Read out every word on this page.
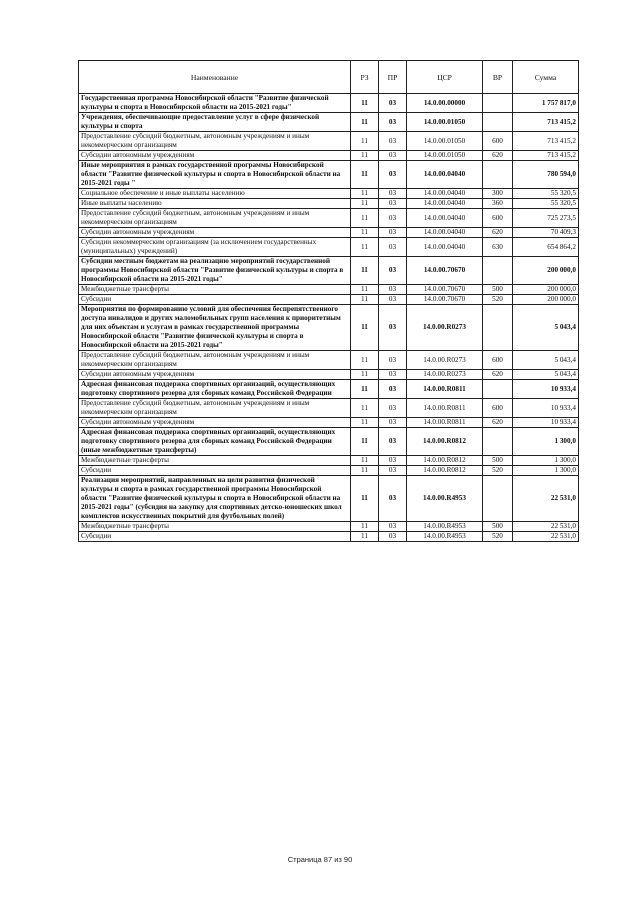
Наименование	РЗ	ПР	ЦСР	ВР	Сумма
Государственная программа Новосибирской области "Развитие физической культуры и спорта в Новосибирской области на 2015-2021 годы"	11	03	14.0.00.00000		1 757 817,0
Учреждения, обеспечивающие предоставление услуг в сфере физической культуры и спорта	11	03	14.0.00.01050		713 415,2
Предоставление субсидий бюджетным, автономным учреждениям и иным некоммерческим организациям	11	03	14.0.00.01050	600	713 415,2
Субсидии автономным учреждениям	11	03	14.0.00.01050	620	713 415,2
Иные мероприятия в рамках государственной программы Новосибирской области "Развитие физической культуры и спорта в Новосибирской области на 2015-2021 годы "	11	03	14.0.00.04040		780 594,0
Социальное обеспечение и иные выплаты населению	11	03	14.0.00.04040	300	55 320,5
Иные выплаты населению	11	03	14.0.00.04040	360	55 320,5
Предоставление субсидий бюджетным, автономным учреждениям и иным некоммерческим организациям	11	03	14.0.00.04040	600	725 273,5
Субсидии автономным учреждениям	11	03	14.0.00.04040	620	70 409,3
Субсидии некоммерческим организациям (за исключением государственных (муниципальных) учреждений)	11	03	14.0.00.04040	630	654 864,2
Субсидии местным бюджетам на реализацию мероприятий государственной программы Новосибирской области "Развитие физической культуры и спорта в Новосибирской области на 2015-2021 годы"	11	03	14.0.00.70670		200 000,0
Межбюджетные трансферты	11	03	14.0.00.70670	500	200 000,0
Субсидии	11	03	14.0.00.70670	520	200 000,0
Мероприятия по формированию условий для обеспечения беспрепятственного доступа инвалидов и других маломобильных групп населения к приоритетным для них объектам и услугам в рамках государственной программы Новосибирской области "Развитие физической культуры и спорта в Новосибирской области на 2015-2021 годы"	11	03	14.0.00.R0273		5 043,4
Предоставление субсидий бюджетным, автономным учреждениям и иным некоммерческим организациям	11	03	14.0.00.R0273	600	5 043,4
Субсидии автономным учреждениям	11	03	14.0.00.R0273	620	5 043,4
Адресная финансовая поддержка спортивных организаций, осуществляющих подготовку спортивного резерва для сборных команд Российской Федерации	11	03	14.0.00.R0811		10 933,4
Предоставление субсидий бюджетным, автономным учреждениям и иным некоммерческим организациям	11	03	14.0.00.R0811	600	10 933,4
Субсидии автономным учреждениям	11	03	14.0.00.R0811	620	10 933,4
Адресная финансовая поддержка спортивных организаций, осуществляющих подготовку спортивного резерва для сборных команд Российской Федерации (иные межбюджетные трансферты)	11	03	14.0.00.R0812		1 300,0
Межбюджетные трансферты	11	03	14.0.00.R0812	500	1 300,0
Субсидии	11	03	14.0.00.R0812	520	1 300,0
Реализация мероприятий, направленных на цели развития физической культуры и спорта в рамках государственной программы Новосибирской области "Развитие физической культуры и спорта в Новосибирской области на 2015-2021 годы" (субсидия на закупку для спортивных детско-юношеских школ комплектов искусственных покрытий для футбольных полей)	11	03	14.0.00.R4953		22 531,0
Межбюджетные трансферты	11	03	14.0.00.R4953	500	22 531,0
Субсидии	11	03	14.0.00.R4953	520	22 531,0
Страница 87 из 90
